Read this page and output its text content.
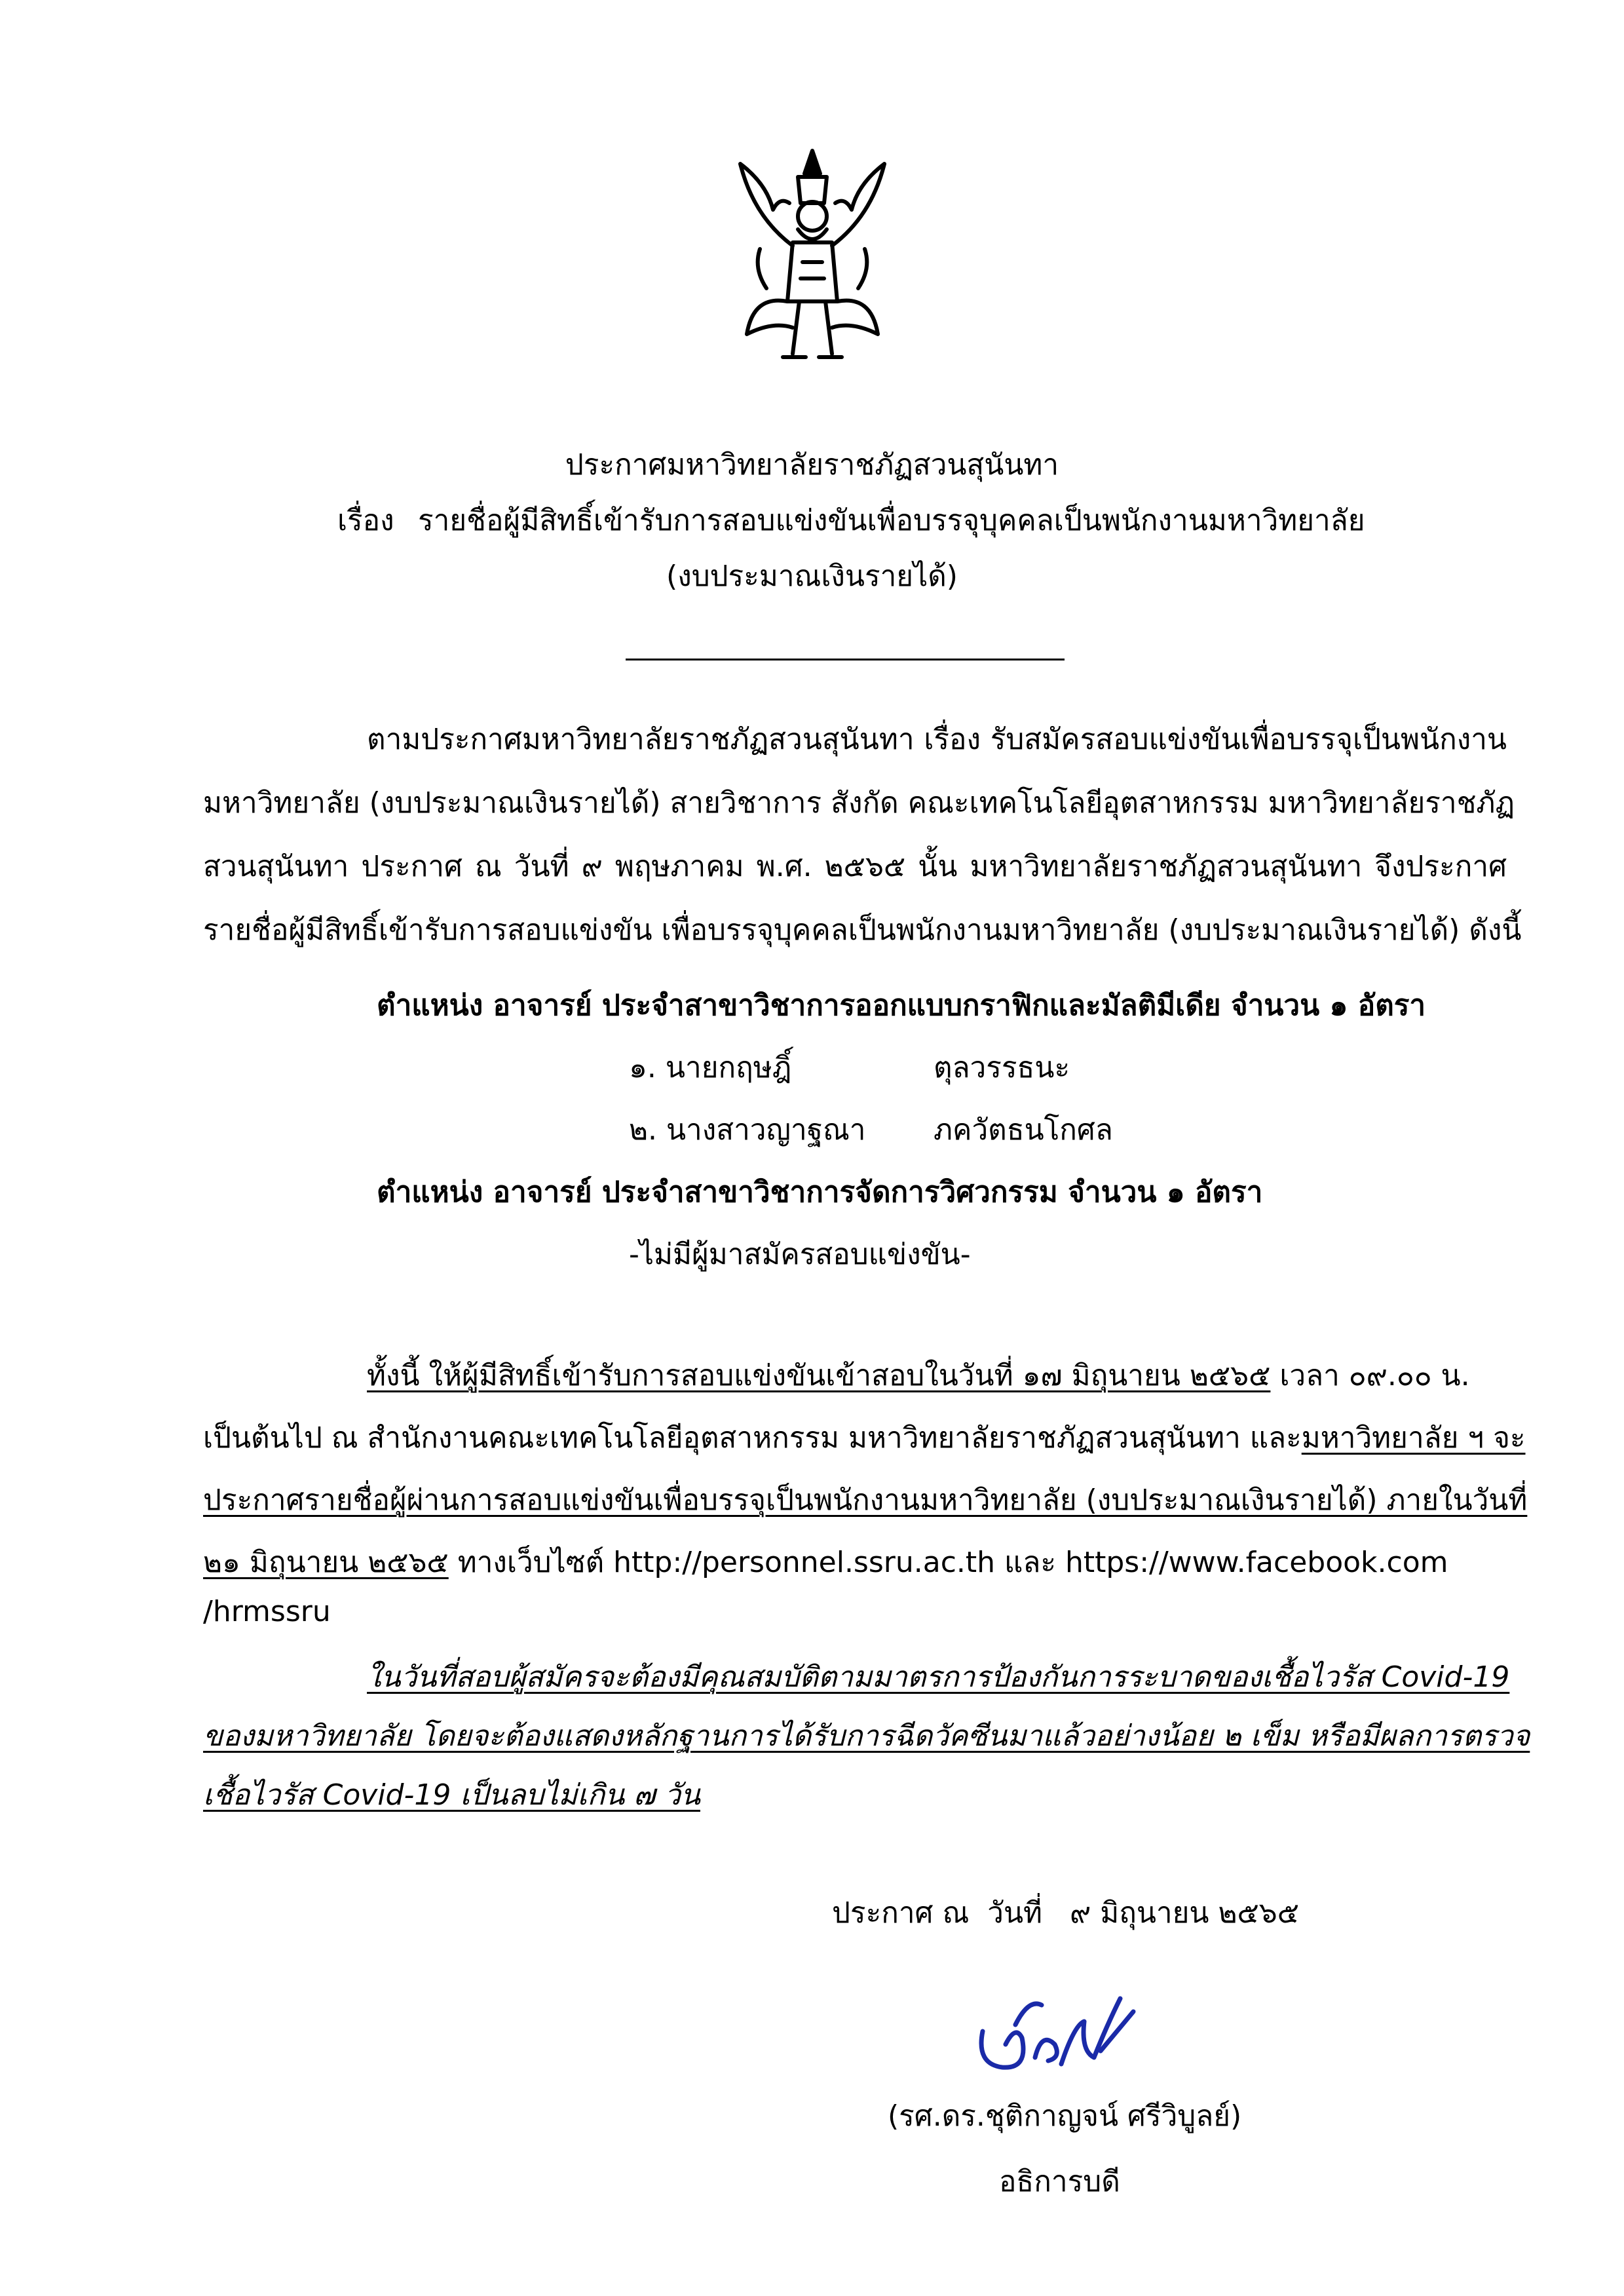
ประกาศมหาวิทยาลัยราชภัฏสวนสุนันทา
เรื่อง รายชื่อผู้มีสิทธิ์เข้ารับการสอบแข่งขันเพื่อบรรจุบุคคลเป็นพนักงานมหาวิทยาลัย
(งบประมาณเงินรายได้)
ตามประกาศมหาวิทยาลัยราชภัฏสวนสุนันทา เรื่อง รับสมัครสอบแข่งขันเพื่อบรรจุเป็นพนักงาน
มหาวิทยาลัย (งบประมาณเงินรายได้) สายวิชาการ สังกัด คณะเทคโนโลยีอุตสาหกรรม มหาวิทยาลัยราชภัฏ
สวนสุนันทา ประกาศ ณ วันที่ ๙ พฤษภาคม พ.ศ. ๒๕๖๕ นั้น มหาวิทยาลัยราชภัฏสวนสุนันทา จึงประกาศ
รายชื่อผู้มีสิทธิ์เข้ารับการสอบแข่งขัน เพื่อบรรจุบุคคลเป็นพนักงานมหาวิทยาลัย (งบประมาณเงินรายได้) ดังนี้
ตำแหน่ง อาจารย์ ประจำสาขาวิชาการออกแบบกราฟิกและมัลติมีเดีย จำนวน ๑ อัตรา
๑. นายกฤษฎิ์	ตุลวรรธนะ
๒. นางสาวญาฐณา ภควัตธนโกศล
ตำแหน่ง อาจารย์ ประจำสาขาวิชาการจัดการวิศวกรรม จำนวน ๑ อัตรา
-ไม่มีผู้มาสมัครสอบแข่งขัน-
ทั้งนี้ ให้ผู้มีสิทธิ์เข้ารับการสอบแข่งขันเข้าสอบในวันที่ ๑๗ มิถุนายน ๒๕๖๕ เวลา ๐๙.๐๐ น.
เป็นต้นไป ณ สำนักงานคณะเทคโนโลยีอุตสาหกรรม มหาวิทยาลัยราชภัฏสวนสุนันทา และมหาวิทยาลัย ฯ จะ
ประกาศรายชื่อผู้ผ่านการสอบแข่งขันเพื่อบรรจุเป็นพนักงานมหาวิทยาลัย (งบประมาณเงินรายได้) ภายในวันที่
๒๑ มิถุนายน ๒๕๖๕ ทางเว็บไซต์ http://personnel.ssru.ac.th และ https://www.facebook.com
/hrmssru
ในวันที่สอบผู้สมัครจะต้องมีคุณสมบัติตามมาตรการป้องกันการระบาดของเชื้อไวรัส Covid-19
ของมหาวิทยาลัย โดยจะต้องแสดงหลักฐานการได้รับการฉีดวัคซีนมาแล้วอย่างน้อย ๒ เข็ม หรือมีผลการตรวจ
เชื้อไวรัส Covid-19 เป็นลบไม่เกิน ๗ วัน
ประกาศ ณ  วันที่   ๙ มิถุนายน ๒๕๖๕
(รศ.ดร.ชุติกาญจน์ ศรีวิบูลย์)
อธิการบดี
